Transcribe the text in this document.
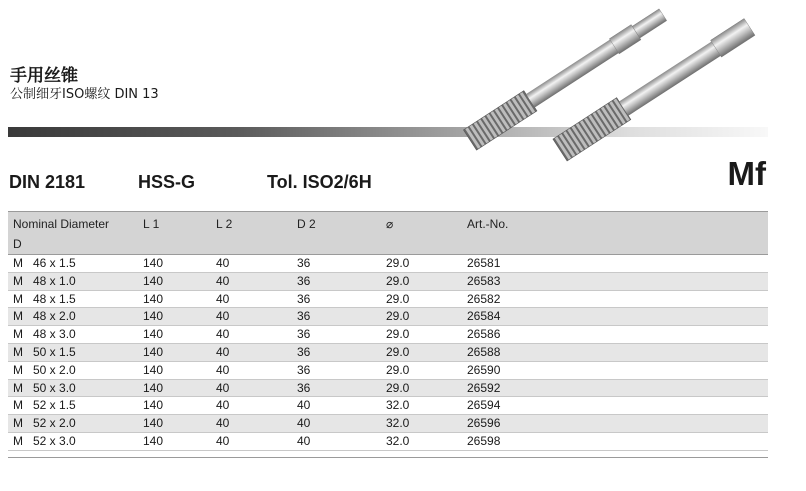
手用丝锥
公制细牙ISO螺纹 DIN 13
DIN 2181	HSS-G	Tol. ISO2/6H	Mf
Nominal Diameter
D
L 1	L 2	D 2	⌀	Art.-No.
M 46 x 1.5	140	40	36	29.0	26581
M 48 x 1.0	140	40	36	29.0	26583
M 48 x 1.5	140	40	36	29.0	26582
M 48 x 2.0	140	40	36	29.0	26584
M 48 x 3.0	140	40	36	29.0	26586
M 50 x 1.5	140	40	36	29.0	26588
M 50 x 2.0	140	40	36	29.0	26590
M 50 x 3.0	140	40	36	29.0	26592
M 52 x 1.5	140	40	40	32.0	26594
M 52 x 2.0	140	40	40	32.0	26596
M 52 x 3.0	140	40	40	32.0	26598
